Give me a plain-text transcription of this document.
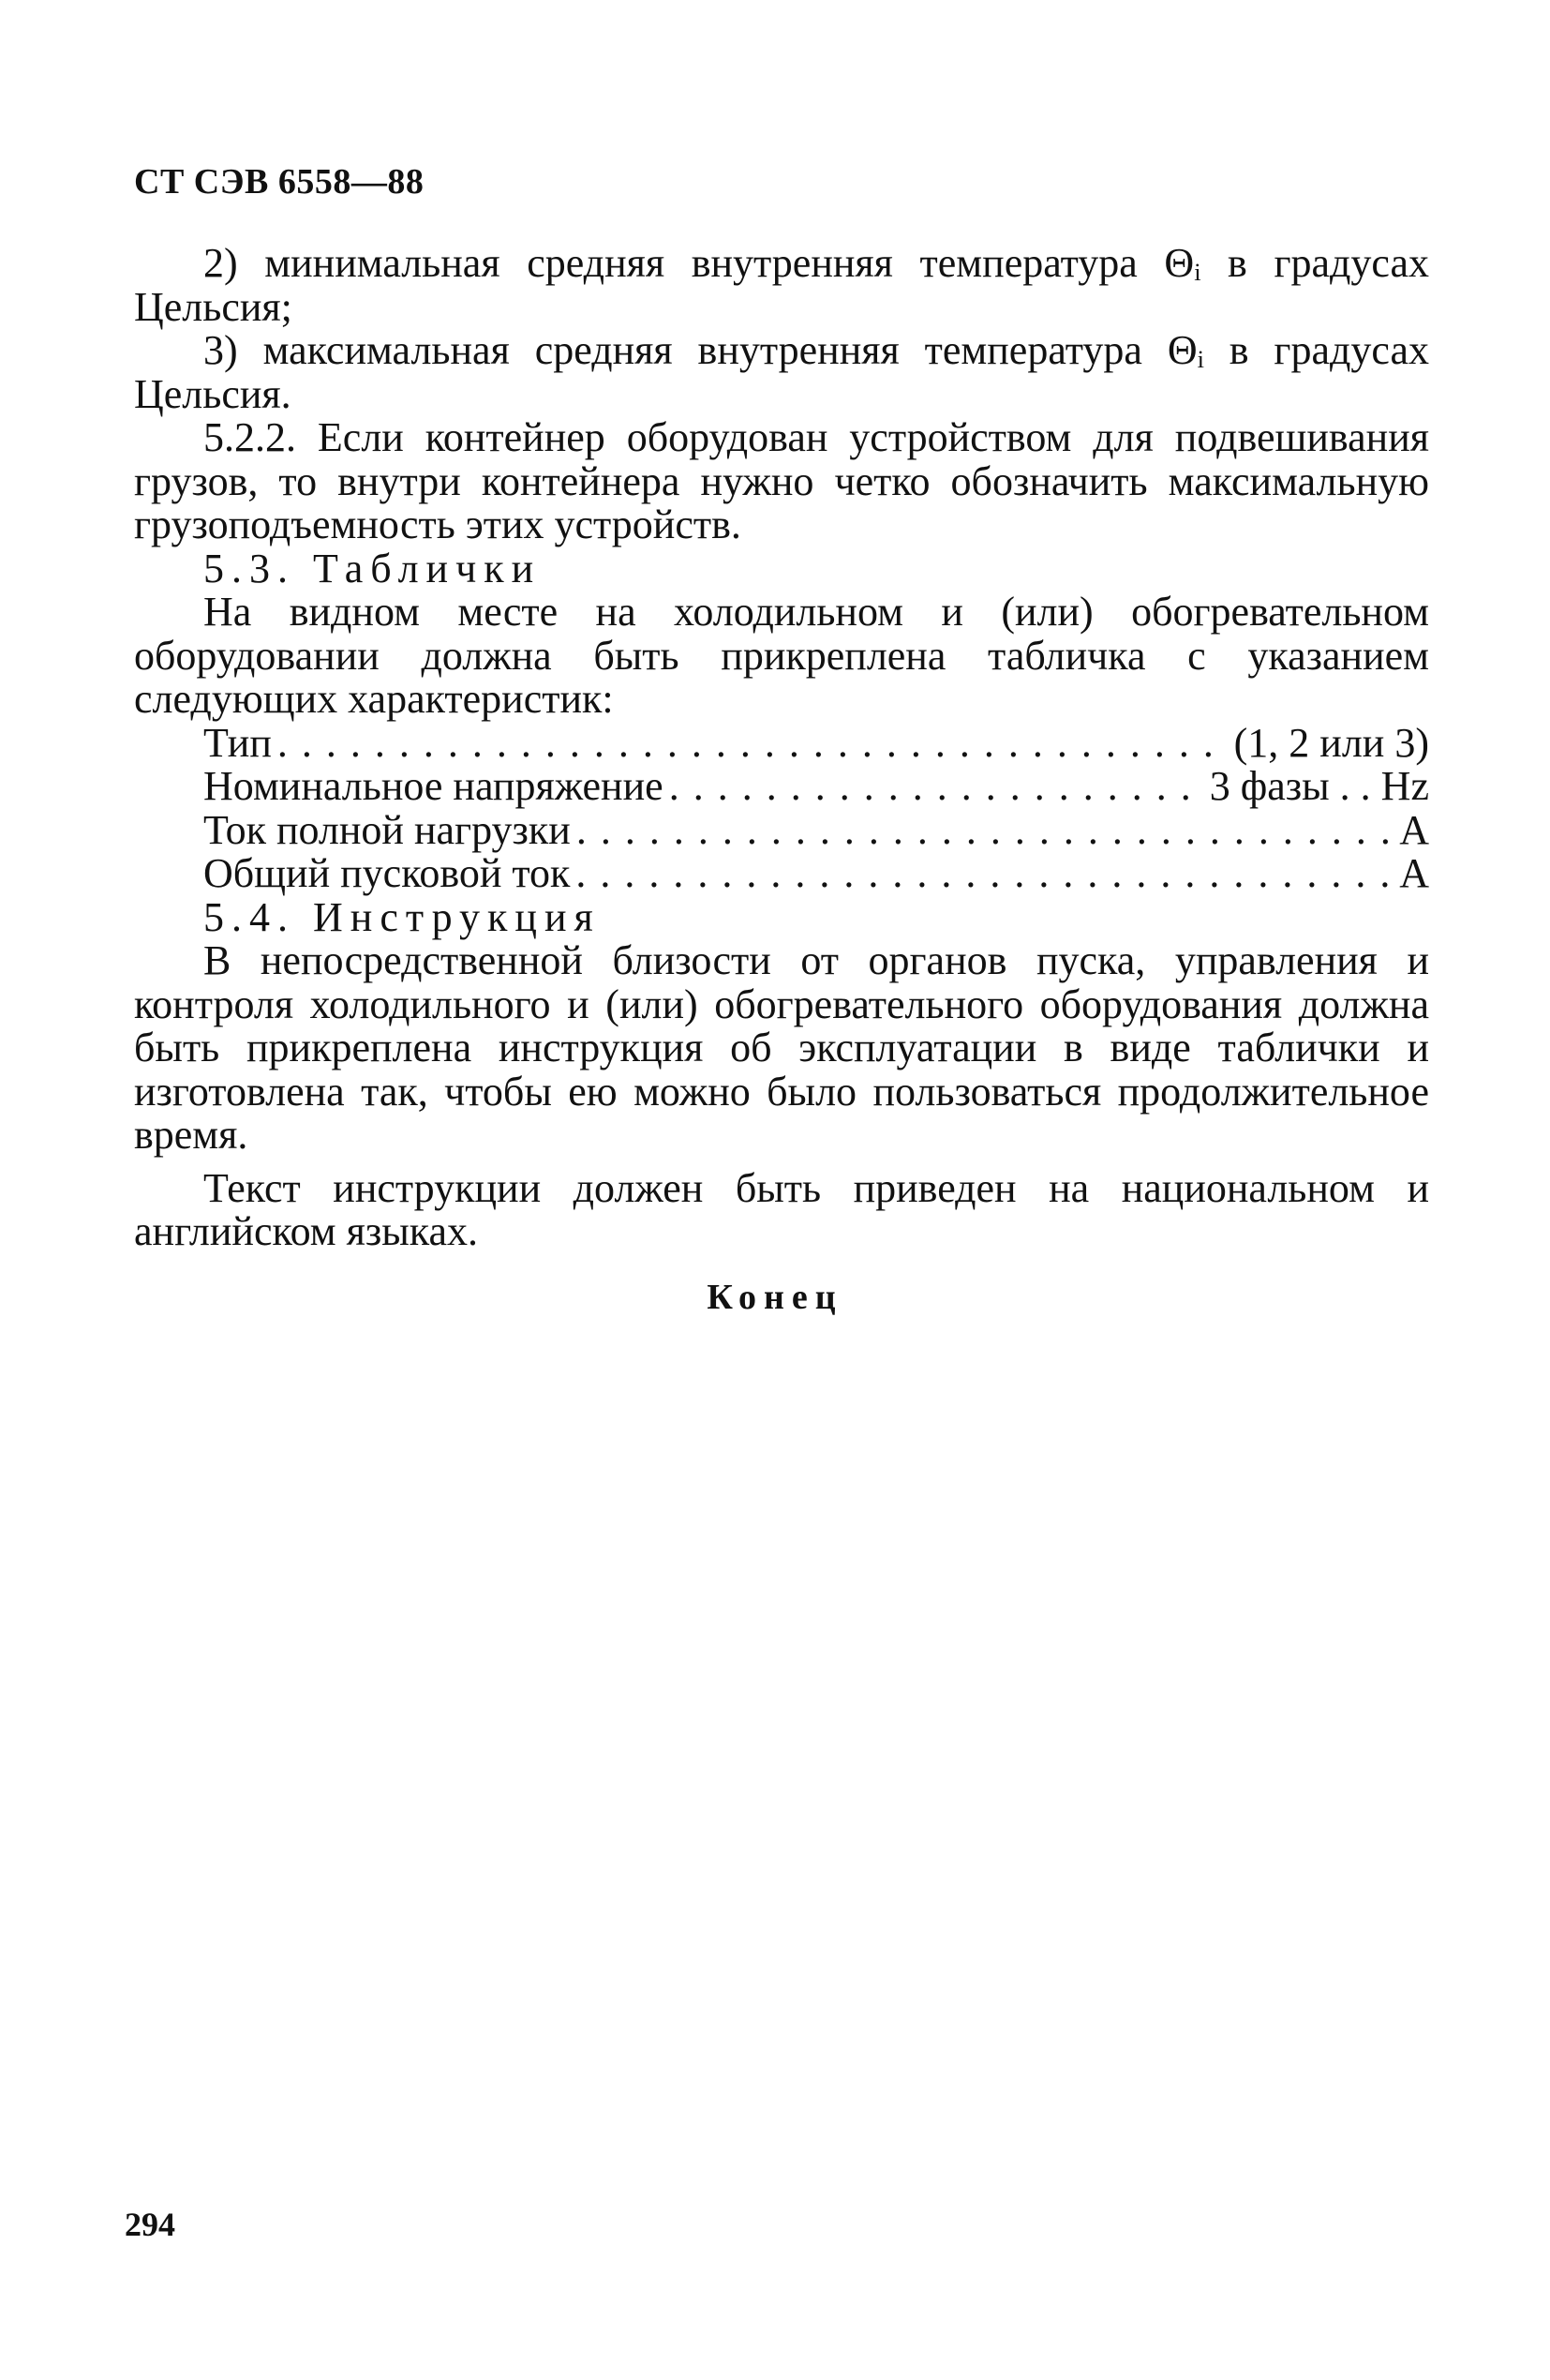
СТ СЭВ 6558—88

2) минимальная средняя внутренняя температура Θᵢ в градусах Цельсия;

3) максимальная средняя внутренняя температура Θᵢ в градусах Цельсия.

5.2.2. Если контейнер оборудован устройством для подвешивания грузов, то внутри контейнера нужно четко обозначить максимальную грузоподъемность этих устройств.

5.3. Таблички

На видном месте на холодильном и (или) обогревательном оборудовании должна быть прикреплена табличка с указанием следующих характеристик:

Тип . . .	(1, 2 или 3)
Номинальное напряжение . . .	3 фазы . . Hz
Ток полной нагрузки . . .	A
Общий пусковой ток . . .	A

5.4. Инструкция

В непосредственной близости от органов пуска, управления и контроля холодильного и (или) обогревательного оборудования должна быть прикреплена инструкция об эксплуатации в виде таблички и изготовлена так, чтобы ею можно было пользоваться продолжительное время.

Текст инструкции должен быть приведен на национальном и английском языках.

Конец
294
